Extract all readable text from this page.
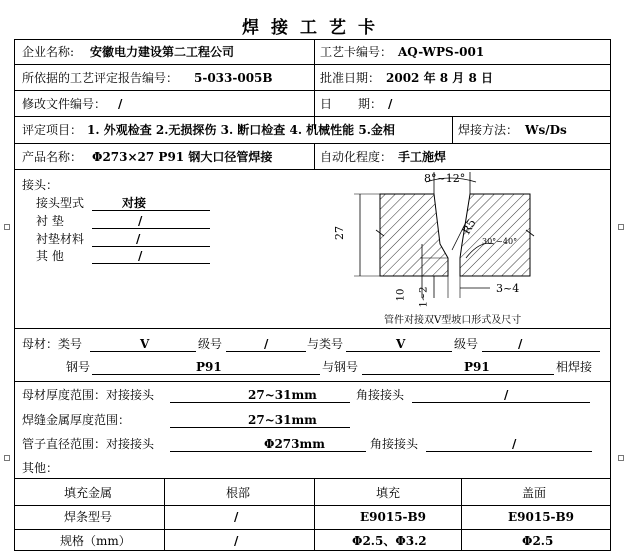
焊接工艺卡
企业名称: 安徽电力建设第二工程公司	工艺卡编号： AQ-WPS-001
所依据的工艺评定报告编号： 5-033-005B	批准日期： 2002 年 8 月 8 日
修改文件编号： /	日 期： /
评定项目： 1. 外观检查 2.无损探伤 3. 断口检查 4. 机械性能 5.金相	焊接方法： Ws/Ds
产品名称： Φ273×27 P91 钢大口径管焊接	自动化程度： 手工施焊
接头：
接头型式	对接
衬 垫	/
衬垫材料	/
其 他	/
8°~12°
27	R5
30°~40°
1~2
10	3~4
管件对接双V型坡口形式及尺寸
母材：类号	V	级号	/	与类号	V	级号	/
钢号	P91	与钢号	P91	相焊接
母材厚度范围：对接接头	27~31mm	角接接头	/
焊缝金属厚度范围：	27~31mm
管子直径范围：对接接头	Φ273mm	角接接头	/
其他：
填充金属	根部	填充	盖面
焊条型号	/	E9015-B9	E9015-B9
规格（mm）	/	Φ2.5、Φ3.2	Φ2.5
